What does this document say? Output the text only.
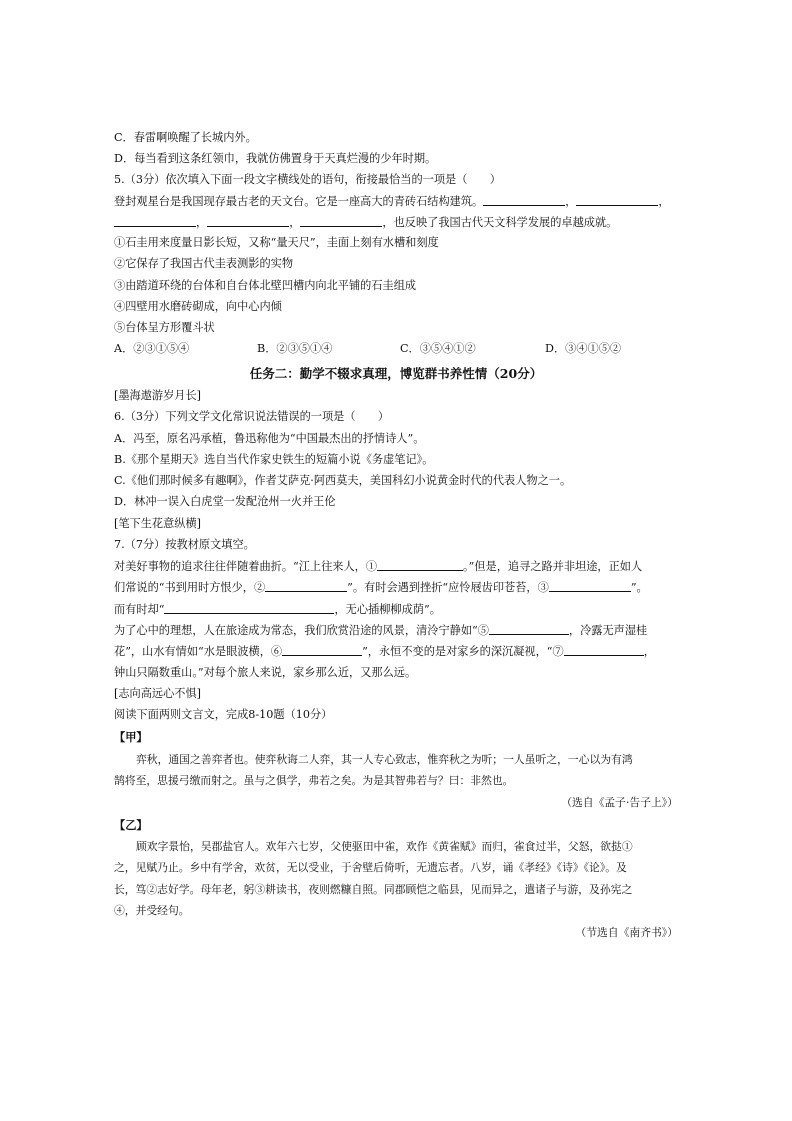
C．春雷啊唤醒了长城内外。
D．每当看到这条红领巾，我就仿佛置身于天真烂漫的少年时期。
5.（3分）依次填入下面一段文字横线处的语句，衔接最恰当的一项是（　　）
登封观星台是我国现存最古老的天文台。它是一座高大的青砖石结构建筑。	，	，
，	，	，也反映了我国古代天文科学发展的卓越成就。
①石圭用来度量日影长短，又称“量天尺”，圭面上刻有水槽和刻度
②它保存了我国古代圭表测影的实物
③由踏道环绕的台体和自台体北壁凹槽内向北平铺的石圭组成
④四壁用水磨砖砌成，向中心内倾
⑤台体呈方形覆斗状
A．②③①⑤④	B．②③⑤①④	C．③⑤④①②	D．③④①⑤②
任务二：勤学不辍求真理，博览群书养性情（20分）
[墨海遨游岁月长]
6.（3分）下列文学文化常识说法错误的一项是（　　）
A．冯至，原名冯承植，鲁迅称他为“中国最杰出的抒情诗人”。
B.《那个星期天》选自当代作家史铁生的短篇小说《务虚笔记》。
C.《他们那时候多有趣啊》，作者艾萨克·阿西莫夫，美国科幻小说黄金时代的代表人物之一。
D．林冲一误入白虎堂一发配沧州一火并王伦
[笔下生花意纵横]
7.（7分）按教材原文填空。
对美好事物的追求往往伴随着曲折。“江上往来人，①	。”但是，追寻之路并非坦途，正如人
们常说的“书到用时方恨少，②	”。有时会遇到挫折“应怜屐齿印苍苔，③	”。
而有时却“	，无心插柳柳成荫”。
为了心中的理想，人在旅途成为常态，我们欣赏沿途的风景，清泠宁静如“⑤	，冷露无声湿桂
花”，山水有情如“水是眼波横，⑥	”，永恒不变的是对家乡的深沉凝视，“⑦	，
钟山只隔数重山。”对每个旅人来说，家乡那么近，又那么远。
[志向高远心不惧]
阅读下面两则文言文，完成8-10题（10分）
【甲】
弈秋，通国之善弈者也。使弈秋诲二人弈，其一人专心致志，惟弈秋之为听；一人虽听之，一心以为有鸿
鹄将至，思援弓缴而射之。虽与之俱学，弗若之矣。为是其智弗若与？曰：非然也。
（选自《孟子·告子上》）
【乙】
顾欢字景怡，吴郡盐官人。欢年六七岁，父使驱田中雀，欢作《黄雀赋》而归，雀食过半，父怒，欲挞①
之，见赋乃止。乡中有学舍，欢贫，无以受业，于舍壁后倚听，无遗忘者。八岁，诵《孝经》《诗》《论》。及
长，笃②志好学。母年老，躬③耕读书，夜则燃糠自照。同郡顾恺之临县，见而异之，遣诸子与游，及孙宪之
④，并受经句。
（节选自《南齐书》）
